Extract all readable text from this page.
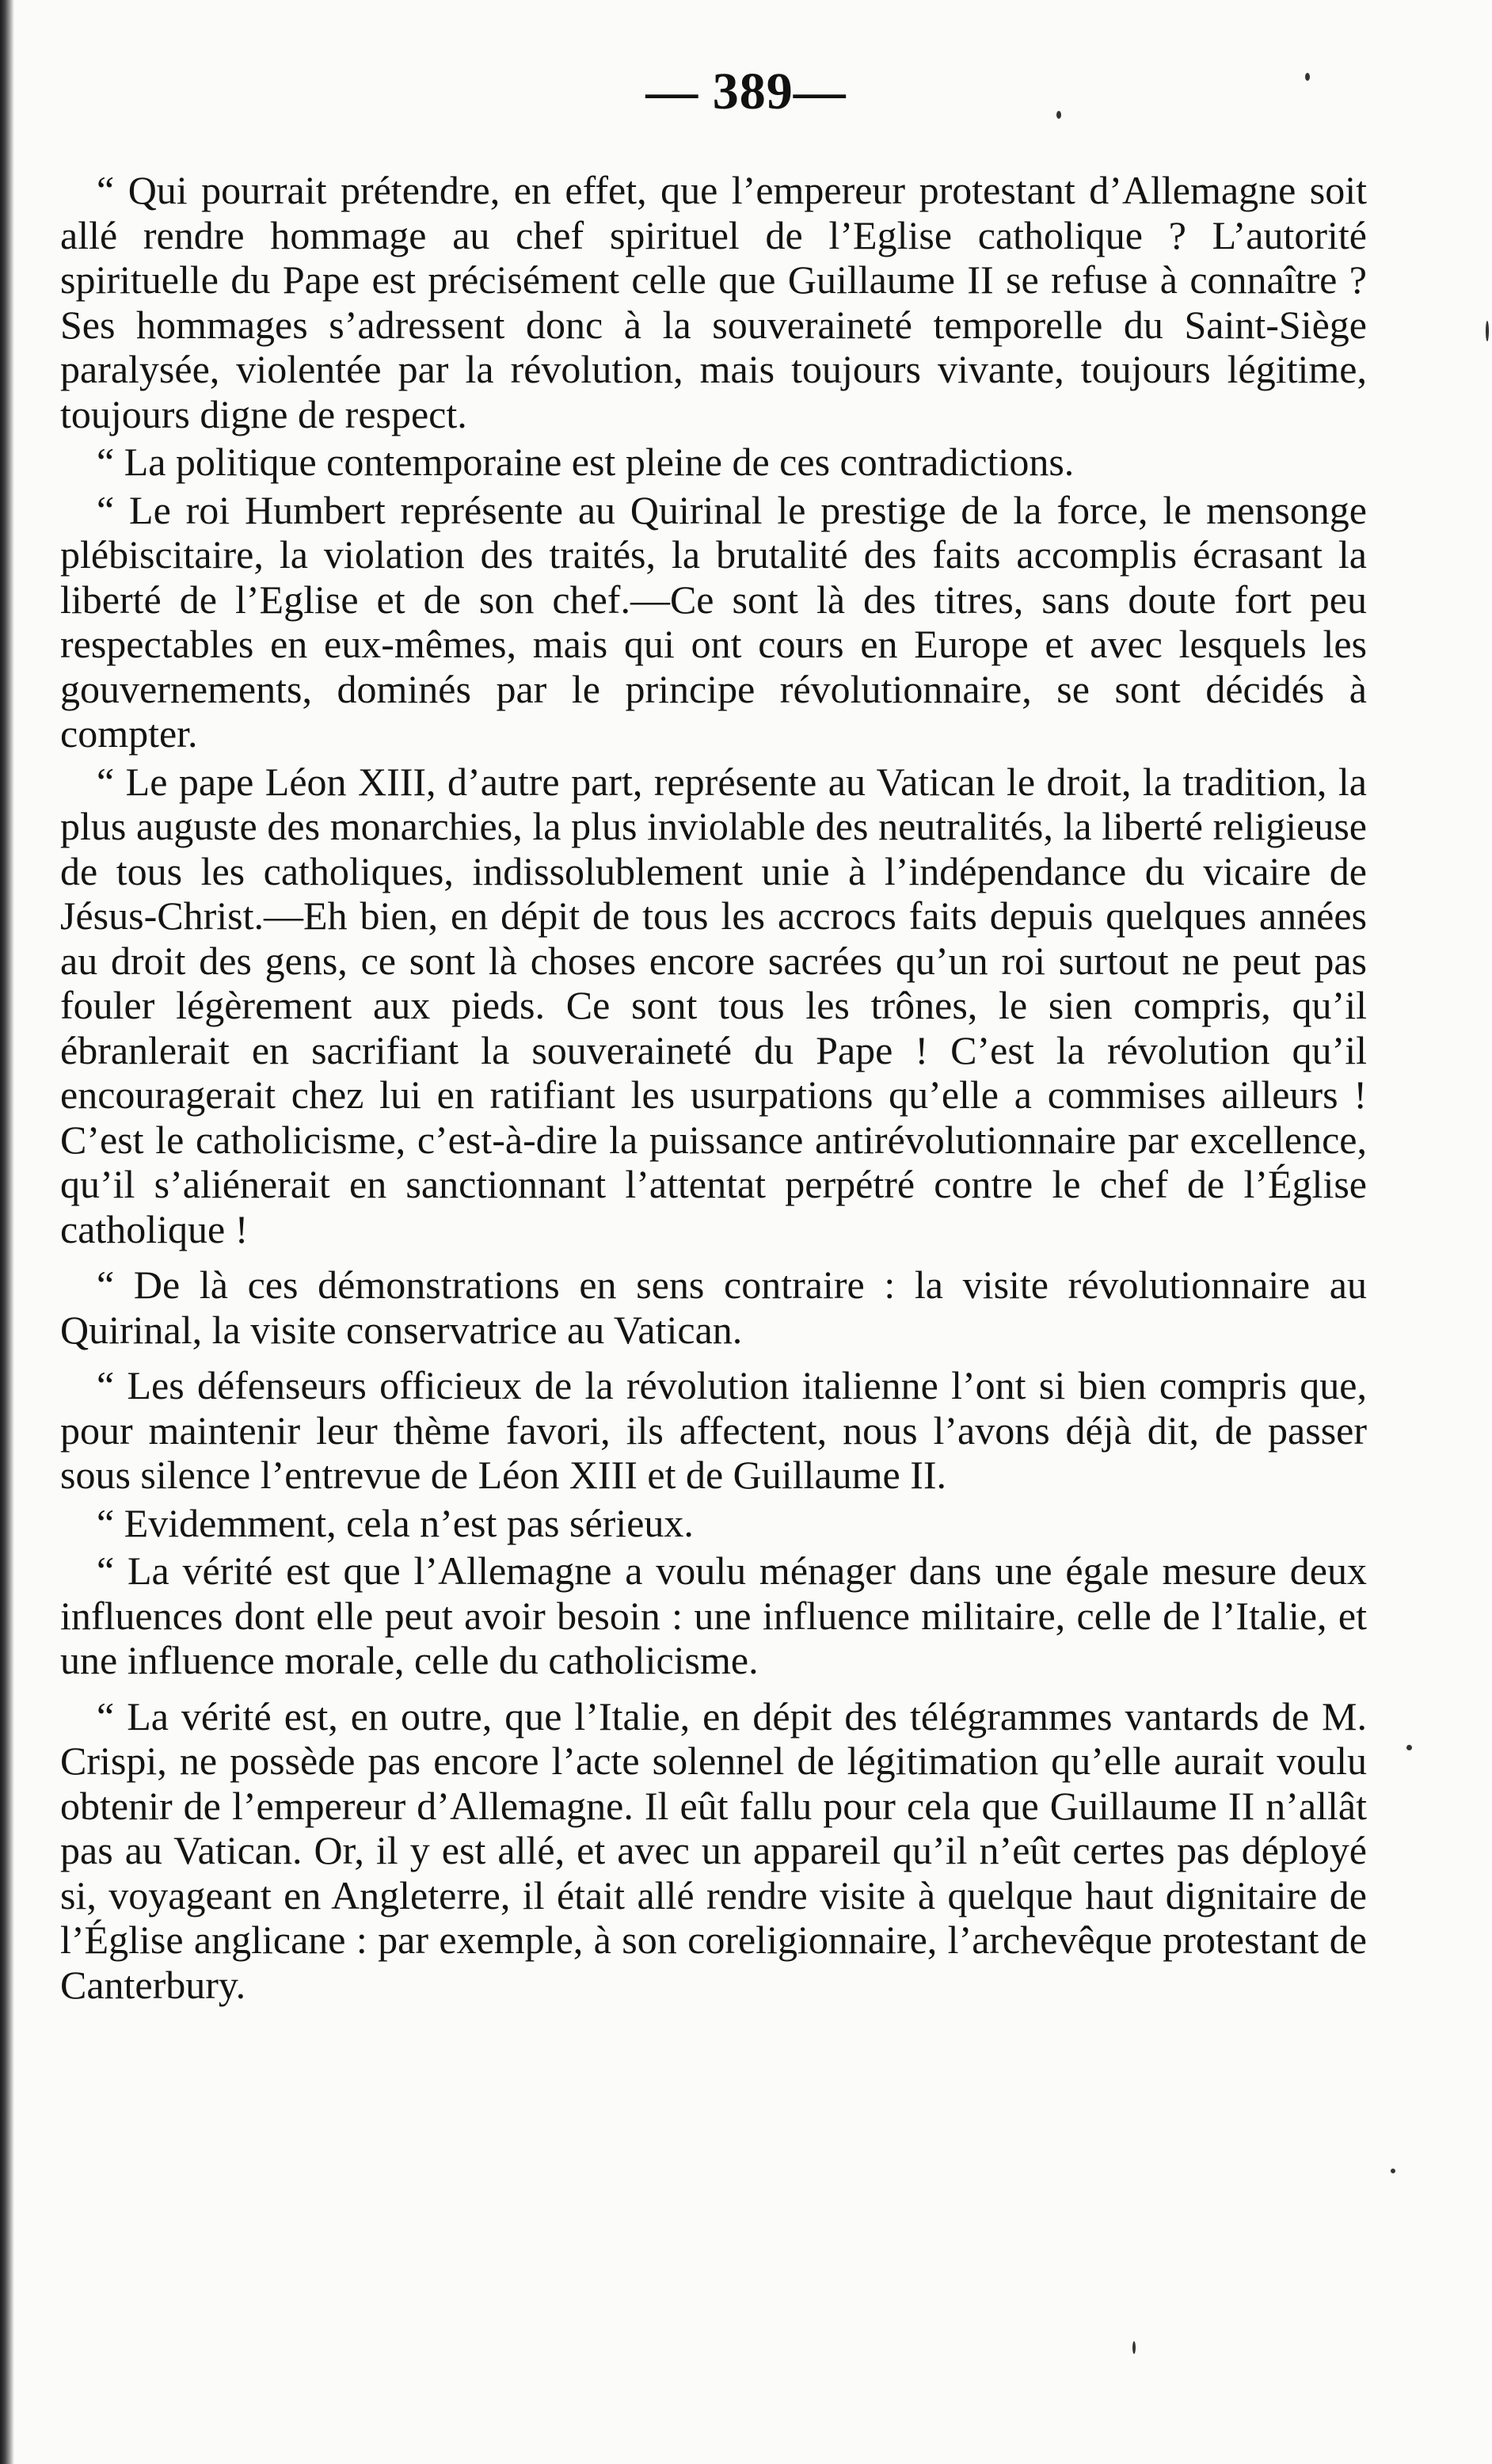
— 389—

“ Qui pourrait prétendre, en effet, que l’empereur protestant d’Allemagne soit allé rendre hommage au chef spirituel de l’Eglise catholique ? L’autorité spirituelle du Pape est précisément celle que Guillaume II se refuse à connaître ? Ses hommages s’adressent donc à la souveraineté temporelle du Saint-Siège paralysée, violentée par la révolution, mais toujours vivante, toujours légitime, toujours digne de respect.

“ La politique contemporaine est pleine de ces contradictions.

“ Le roi Humbert représente au Quirinal le prestige de la force, le mensonge plébiscitaire, la violation des traités, la brutalité des faits accomplis écrasant la liberté de l’Eglise et de son chef.—Ce sont là des titres, sans doute fort peu respectables en eux-mêmes, mais qui ont cours en Europe et avec lesquels les gouvernements, dominés par le principe révolutionnaire, se sont décidés à compter.

“ Le pape Léon XIII, d’autre part, représente au Vatican le droit, la tradition, la plus auguste des monarchies, la plus inviolable des neutralités, la liberté religieuse de tous les catholiques, indissolublement unie à l’indépendance du vicaire de Jésus-Christ.—Eh bien, en dépit de tous les accrocs faits depuis quelques années au droit des gens, ce sont là choses encore sacrées qu’un roi surtout ne peut pas fouler légèrement aux pieds. Ce sont tous les trônes, le sien compris, qu’il ébranlerait en sacrifiant la souveraineté du Pape ! C’est la révolution qu’il encouragerait chez lui en ratifiant les usurpations qu’elle a commises ailleurs ! C’est le catholicisme, c’est-à-dire la puissance antirévolutionnaire par excellence, qu’il s’aliénerait en sanctionnant l’attentat perpétré contre le chef de l’Église catholique !

“ De là ces démonstrations en sens contraire : la visite révolutionnaire au Quirinal, la visite conservatrice au Vatican.

“ Les défenseurs officieux de la révolution italienne l’ont si bien compris que, pour maintenir leur thème favori, ils affectent, nous l’avons déjà dit, de passer sous silence l’entrevue de Léon XIII et de Guillaume II.

“ Evidemment, cela n’est pas sérieux.

“ La vérité est que l’Allemagne a voulu ménager dans une égale mesure deux influences dont elle peut avoir besoin : une influence militaire, celle de l’Italie, et une influence morale, celle du catholicisme.

“ La vérité est, en outre, que l’Italie, en dépit des télégrammes vantards de M. Crispi, ne possède pas encore l’acte solennel de légitimation qu’elle aurait voulu obtenir de l’empereur d’Allemagne. Il eût fallu pour cela que Guillaume II n’allât pas au Vatican. Or, il y est allé, et avec un appareil qu’il n’eût certes pas déployé si, voyageant en Angleterre, il était allé rendre visite à quelque haut dignitaire de l’Église anglicane : par exemple, à son coreligionnaire, l’archevêque protestant de Canterbury.
